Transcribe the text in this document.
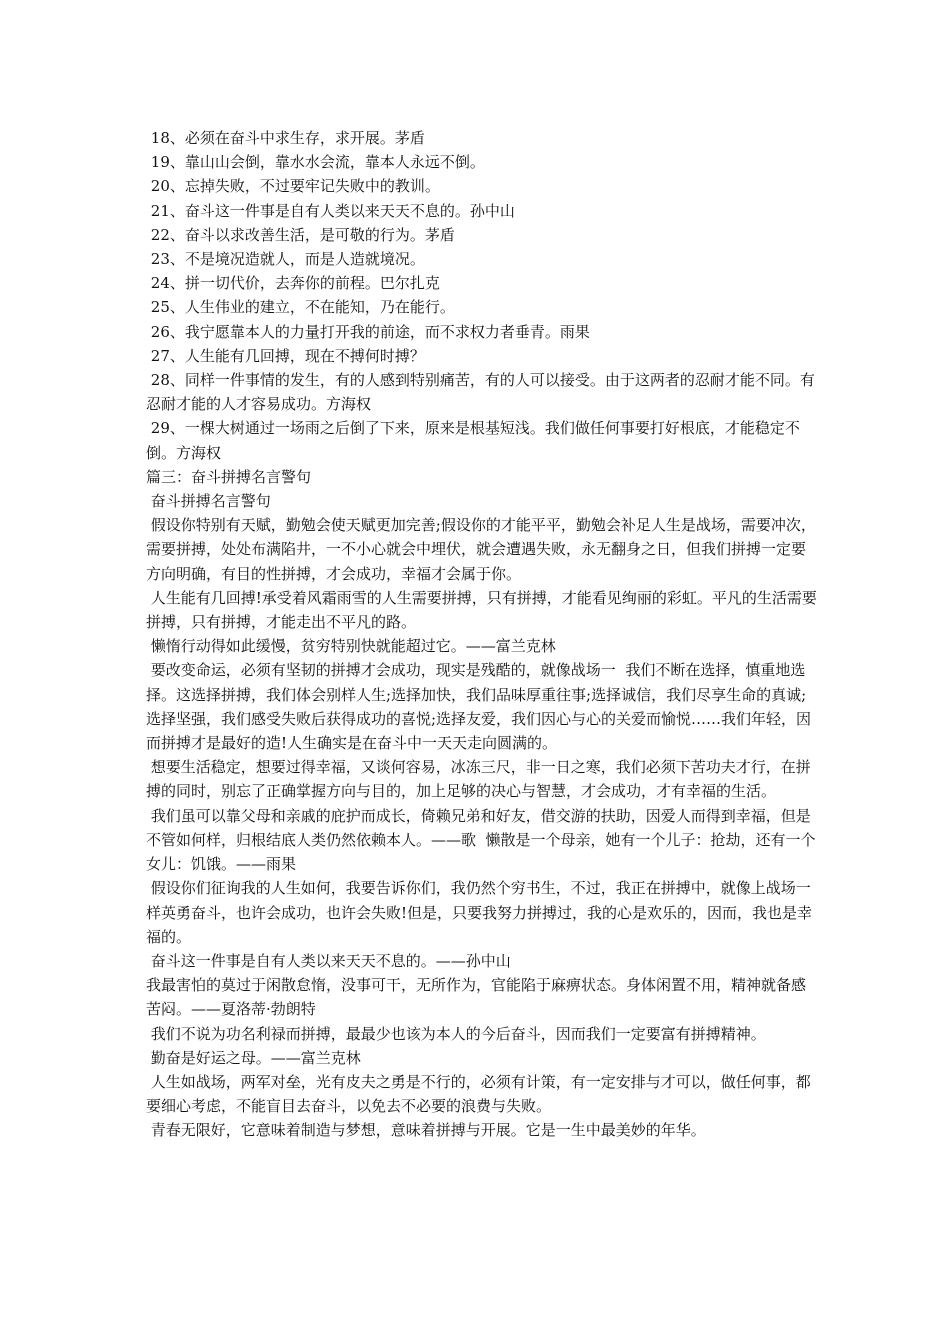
18、必须在奋斗中求生存，求开展。茅盾

19、靠山山会倒，靠水水会流，靠本人永远不倒。

20、忘掉失败，不过要牢记失败中的教训。

21、奋斗这一件事是自有人类以来天天不息的。孙中山

22、奋斗以求改善生活，是可敬的行为。茅盾

23、不是境况造就人，而是人造就境况。

24、拼一切代价，去奔你的前程。巴尔扎克

25、人生伟业的建立，不在能知，乃在能行。

26、我宁愿靠本人的力量打开我的前途，而不求权力者垂青。雨果

27、人生能有几回搏，现在不搏何时搏？

28、同样一件事情的发生，有的人感到特别痛苦，有的人可以接受。由于这两者的忍耐才能不同。有忍耐才能的人才容易成功。方海权

29、一棵大树通过一场雨之后倒了下来，原来是根基短浅。我们做任何事要打好根底，才能稳定不倒。方海权

篇三：奋斗拼搏名言警句

奋斗拼搏名言警句

假设你特别有天赋，勤勉会使天赋更加完善;假设你的才能平平，勤勉会补足人生是战场，需要冲次，需要拼搏，处处布满陷井，一不小心就会中埋伏，就会遭遇失败，永无翻身之日，但我们拼搏一定要方向明确，有目的性拼搏，才会成功，幸福才会属于你。

人生能有几回搏!承受着风霜雨雪的人生需要拼搏，只有拼搏，才能看见绚丽的彩虹。平凡的生活需要拼搏，只有拼搏，才能走出不平凡的路。

懒惰行动得如此缓慢，贫穷特别快就能超过它。——富兰克林

要改变命运，必须有坚韧的拼搏才会成功，现实是残酷的，就像战场一  我们不断在选择，慎重地选择。这选择拼搏，我们体会别样人生;选择加快，我们品味厚重往事;选择诚信，我们尽享生命的真诚;选择坚强，我们感受失败后获得成功的喜悦;选择友爱，我们因心与心的关爱而愉悦……我们年轻，因而拼搏才是最好的造!人生确实是在奋斗中一天天走向圆满的。

想要生活稳定，想要过得幸福，又谈何容易，冰冻三尺，非一日之寒，我们必须下苦功夫才行，在拼搏的同时，别忘了正确掌握方向与目的，加上足够的决心与智慧，才会成功，才有幸福的生活。

我们虽可以靠父母和亲戚的庇护而成长，倚赖兄弟和好友，借交游的扶助，因爱人而得到幸福，但是不管如何样，归根结底人类仍然依赖本人。——歌  懒散是一个母亲，她有一个儿子：抢劫，还有一个女儿：饥饿。——雨果

假设你们征询我的人生如何，我要告诉你们，我仍然个穷书生，不过，我正在拼搏中，就像上战场一样英勇奋斗，也许会成功，也许会失败!但是，只要我努力拼搏过，我的心是欢乐的，因而，我也是幸福的。

奋斗这一件事是自有人类以来天天不息的。——孙中山

我最害怕的莫过于闲散怠惰，没事可干，无所作为，官能陷于麻痹状态。身体闲置不用，精神就备感苦闷。——夏洛蒂·勃朗特

我们不说为功名利禄而拼搏，最最少也该为本人的今后奋斗，因而我们一定要富有拼搏精神。

勤奋是好运之母。——富兰克林

人生如战场，两军对垒，光有皮夫之勇是不行的，必须有计策，有一定安排与才可以，做任何事，都要细心考虑，不能盲目去奋斗，以免去不必要的浪费与失败。

青春无限好，它意味着制造与梦想，意味着拼搏与开展。它是一生中最美妙的年华。
